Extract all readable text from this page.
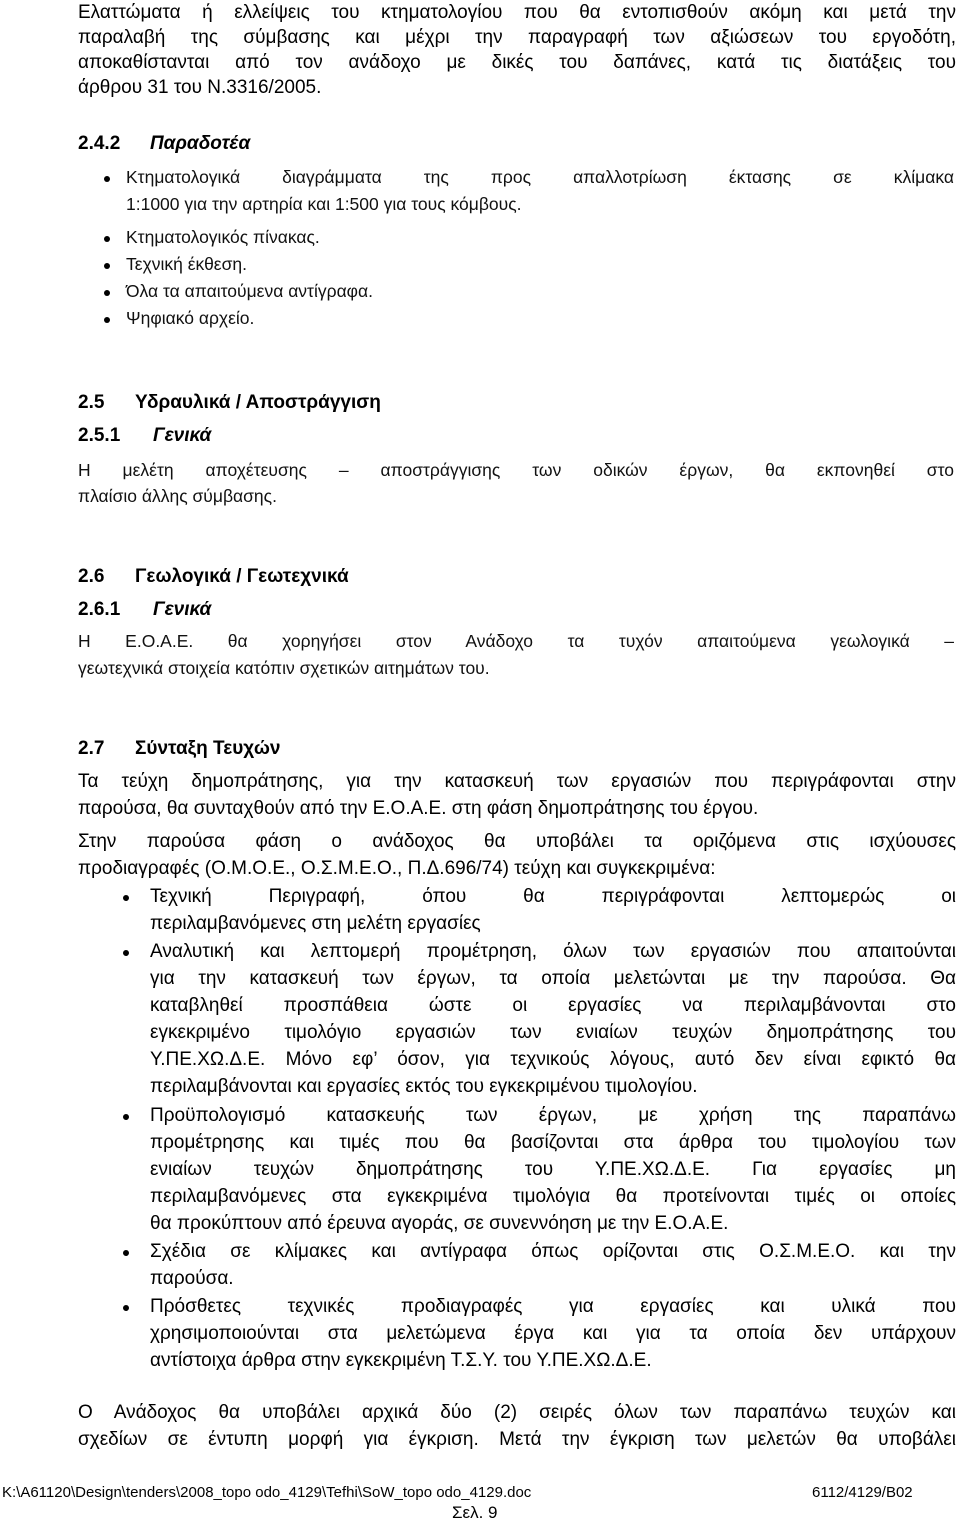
Ελαττώματα ή ελλείψεις του κτηματολογίου που θα εντοπισθούν ακόμη και μετά την

παραλαβή της σύμβασης και μέχρι την παραγραφή των αξιώσεων του εργοδότη,

αποκαθίστανται από τον ανάδοχο με δικές του δαπάνες, κατά τις διατάξεις του

άρθρου 31 του Ν.3316/2005.

2.4.2 Παραδοτέα

Κτηματολογικά διαγράμματα της προς απαλλοτρίωση έκτασης σε κλίμακα

1:1000 για την αρτηρία και 1:500 για τους κόμβους.

Κτηματολογικός πίνακας.

Τεχνική έκθεση.

Όλα τα απαιτούμενα αντίγραφα.

Ψηφιακό αρχείο.

2.5 Υδραυλικά / Αποστράγγιση
2.5.1 Γενικά

Η μελέτη αποχέτευσης – αποστράγγισης των οδικών έργων, θα εκπονηθεί στο

πλαίσιο άλλης σύμβασης.

2.6 Γεωλογικά / Γεωτεχνικά
2.6.1 Γενικά

Η Ε.Ο.Α.Ε. θα χορηγήσει στον Ανάδοχο τα τυχόν απαιτούμενα γεωλογικά –

γεωτεχνικά στοιχεία κατόπιν σχετικών αιτημάτων του.

2.7 Σύνταξη Τευχών

Τα τεύχη δημοπράτησης, για την κατασκευή των εργασιών που περιγράφονται στην

παρούσα, θα συνταχθούν από την Ε.Ο.Α.Ε. στη φάση δημοπράτησης του έργου.

Στην παρούσα φάση ο ανάδοχος θα υποβάλει τα οριζόμενα στις ισχύουσες

προδιαγραφές (Ο.Μ.Ο.Ε., Ο.Σ.Μ.Ε.Ο., Π.Δ.696/74) τεύχη και συγκεκριμένα:

Τεχνική Περιγραφή, όπου θα περιγράφονται λεπτομερώς οι

περιλαμβανόμενες στη μελέτη εργασίες

Αναλυτική και λεπτομερή προμέτρηση, όλων των εργασιών που απαιτούνται

για την κατασκευή των έργων, τα οποία μελετώνται με την παρούσα. Θα

καταβληθεί προσπάθεια ώστε οι εργασίες να περιλαμβάνονται στο

εγκεκριμένο τιμολόγιο εργασιών των ενιαίων τευχών δημοπράτησης του

Υ.ΠΕ.ΧΩ.Δ.Ε. Μόνο εφ’ όσον, για τεχνικούς λόγους, αυτό δεν είναι εφικτό θα

περιλαμβάνονται και εργασίες εκτός του εγκεκριμένου τιμολογίου.

Προϋπολογισμό κατασκευής των έργων, με χρήση της παραπάνω

προμέτρησης και τιμές που θα βασίζονται στα άρθρα του τιμολογίου των

ενιαίων τευχών δημοπράτησης του Υ.ΠΕ.ΧΩ.Δ.Ε. Για εργασίες μη

περιλαμβανόμενες στα εγκεκριμένα τιμολόγια θα προτείνονται τιμές οι οποίες

θα προκύπτουν από έρευνα αγοράς, σε συνεννόηση με την Ε.Ο.Α.Ε.

Σχέδια σε κλίμακες και αντίγραφα όπως ορίζονται στις Ο.Σ.Μ.Ε.Ο. και την

παρούσα.

Πρόσθετες τεχνικές προδιαγραφές για εργασίες και υλικά που

χρησιμοποιούνται στα μελετώμενα έργα και για τα οποία δεν υπάρχουν

αντίστοιχα άρθρα στην εγκεκριμένη Τ.Σ.Υ. του Υ.ΠΕ.ΧΩ.Δ.Ε.

Ο Ανάδοχος θα υποβάλει αρχικά δύο (2) σειρές όλων των παραπάνω τευχών και

σχεδίων σε έντυπη μορφή για έγκριση. Μετά την έγκριση των μελετών θα υποβάλει

K:\A61120\Design\tenders\2008_topo odo_4129\Tefhi\SoW_topo odo_4129.doc	6112/4129/B02
Σελ. 9
